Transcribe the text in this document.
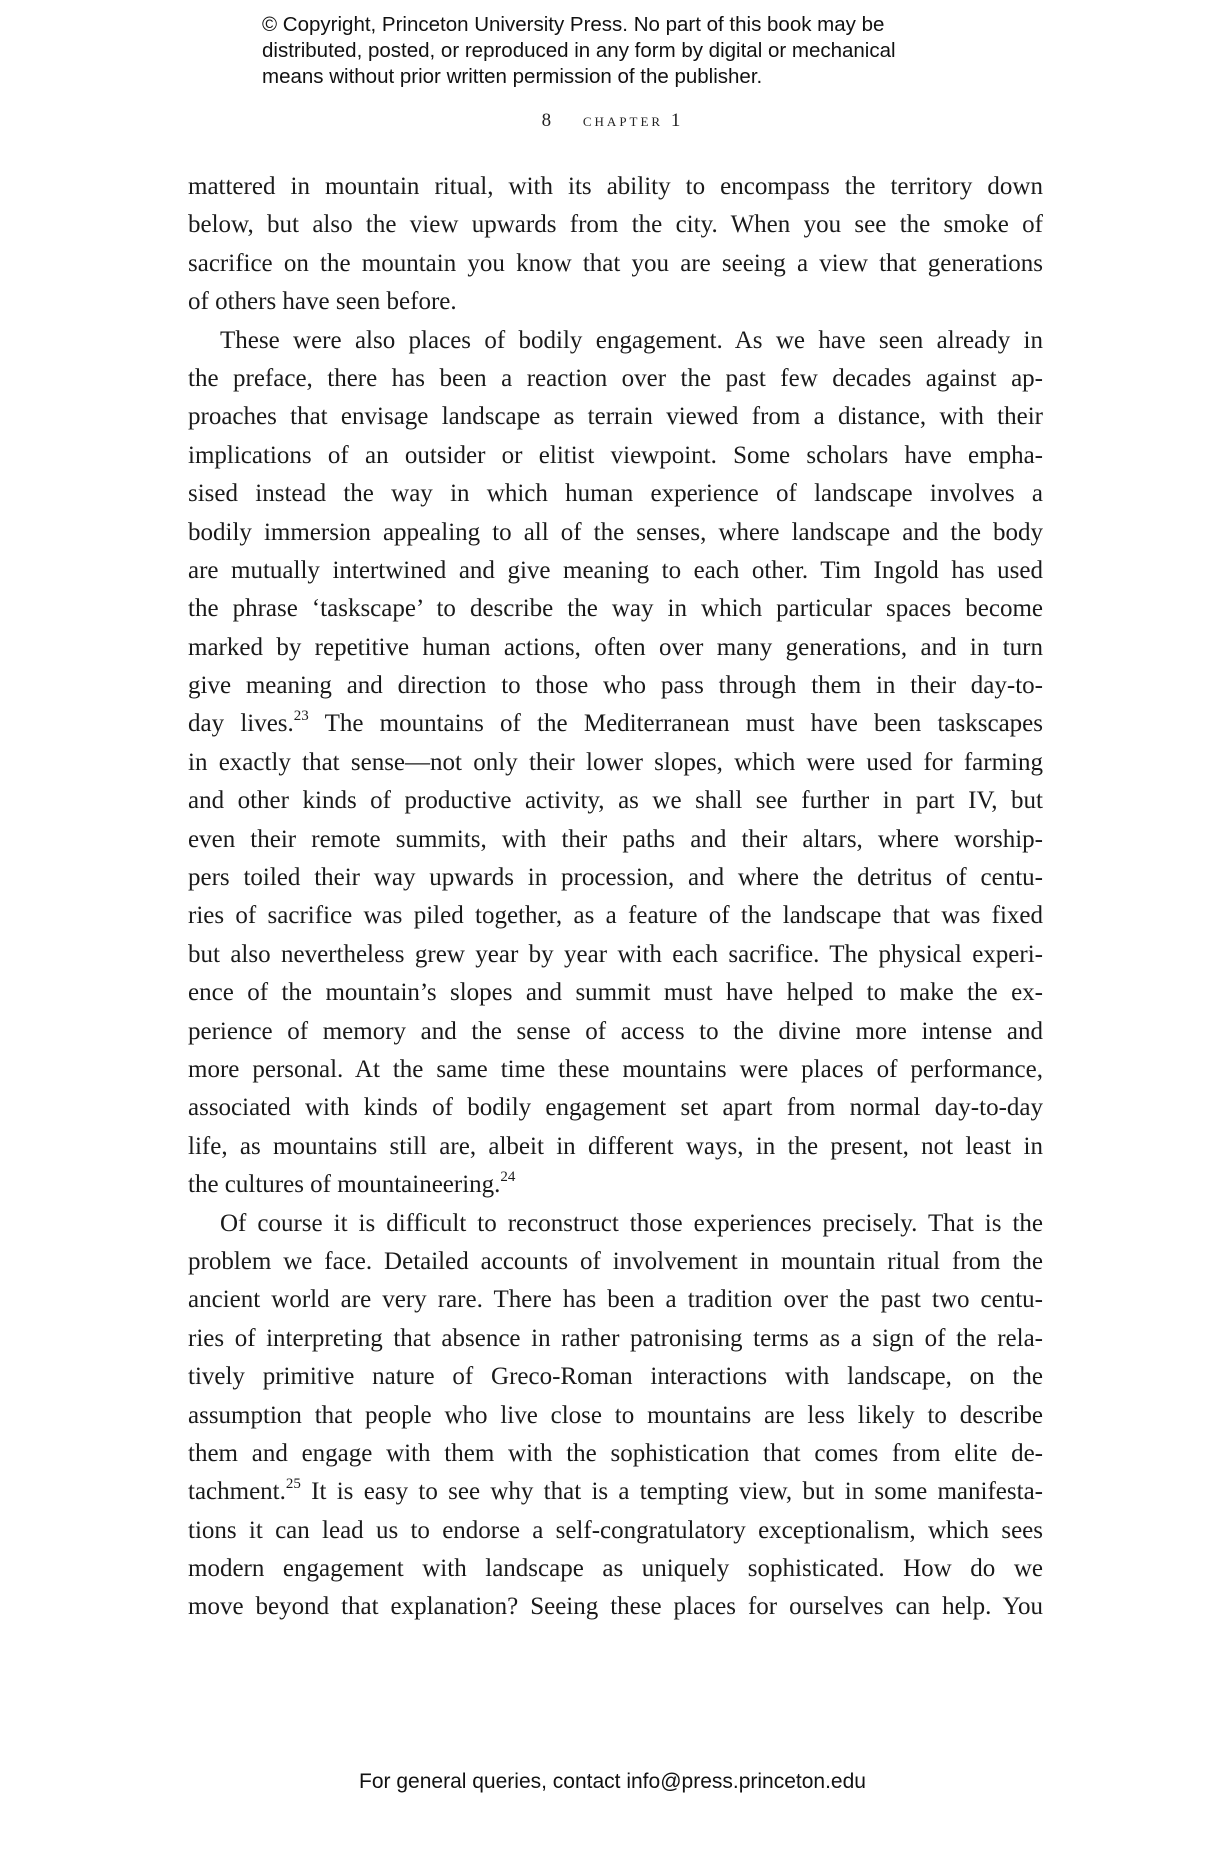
© Copyright, Princeton University Press. No part of this book may be
distributed, posted, or reproduced in any form by digital or mechanical
means without prior written permission of the publisher.
8 chapter 1
mattered in mountain ritual, with its ability to encompass the territory down
below, but also the view upwards from the city. When you see the smoke of
sacrifice on the mountain you know that you are seeing a view that generations
of others have seen before.
These were also places of bodily engagement. As we have seen already in
the preface, there has been a reaction over the past few decades against ap-
proaches that envisage landscape as terrain viewed from a distance, with their
implications of an outsider or elitist viewpoint. Some scholars have empha-
sised instead the way in which human experience of landscape involves a
bodily immersion appealing to all of the senses, where landscape and the body
are mutually intertwined and give meaning to each other. Tim Ingold has used
the phrase ‘taskscape’ to describe the way in which particular spaces become
marked by repetitive human actions, often over many generations, and in turn
give meaning and direction to those who pass through them in their day-to-
day lives.$^{23}$ The mountains of the Mediterranean must have been taskscapes
in exactly that sense—not only their lower slopes, which were used for farming
and other kinds of productive activity, as we shall see further in part IV, but
even their remote summits, with their paths and their altars, where worship-
pers toiled their way upwards in procession, and where the detritus of centu-
ries of sacrifice was piled together, as a feature of the landscape that was fixed
but also nevertheless grew year by year with each sacrifice. The physical experi-
ence of the mountain’s slopes and summit must have helped to make the ex-
perience of memory and the sense of access to the divine more intense and
more personal. At the same time these mountains were places of performance,
associated with kinds of bodily engagement set apart from normal day-to-day
life, as mountains still are, albeit in different ways, in the present, not least in
the cultures of mountaineering.$^{24}$
Of course it is difficult to reconstruct those experiences precisely. That is the
problem we face. Detailed accounts of involvement in mountain ritual from the
ancient world are very rare. There has been a tradition over the past two centu-
ries of interpreting that absence in rather patronising terms as a sign of the rela-
tively primitive nature of Greco-Roman interactions with landscape, on the
assumption that people who live close to mountains are less likely to describe
them and engage with them with the sophistication that comes from elite de-
tachment.$^{25}$ It is easy to see why that is a tempting view, but in some manifesta-
tions it can lead us to endorse a self-congratulatory exceptionalism, which sees
modern engagement with landscape as uniquely sophisticated. How do we
move beyond that explanation? Seeing these places for ourselves can help. You
For general queries, contact info@press.princeton.edu
